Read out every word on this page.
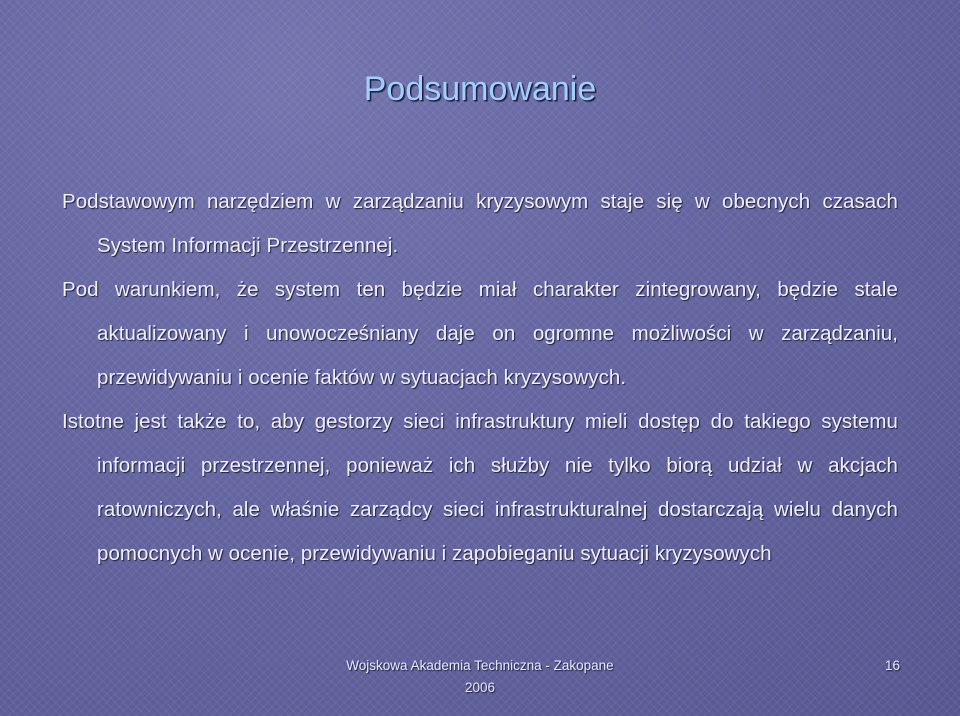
Podsumowanie

Podstawowym narzędziem w zarządzaniu kryzysowym staje się w obecnych czasach System Informacji Przestrzennej.

Pod warunkiem, że system ten będzie miał charakter zintegrowany, będzie stale aktualizowany i unowocześniany daje on ogromne możliwości w zarządzaniu, przewidywaniu i ocenie faktów w sytuacjach kryzysowych.

Istotne jest także to, aby gestorzy sieci infrastruktury mieli dostęp do takiego systemu informacji przestrzennej, ponieważ ich służby nie tylko biorą udział w akcjach ratowniczych, ale właśnie zarządcy sieci infrastrukturalnej dostarczają wielu danych pomocnych w ocenie, przewidywaniu i zapobieganiu sytuacji kryzysowych

Wojskowa Akademia Techniczna - Zakopane
2006
16
